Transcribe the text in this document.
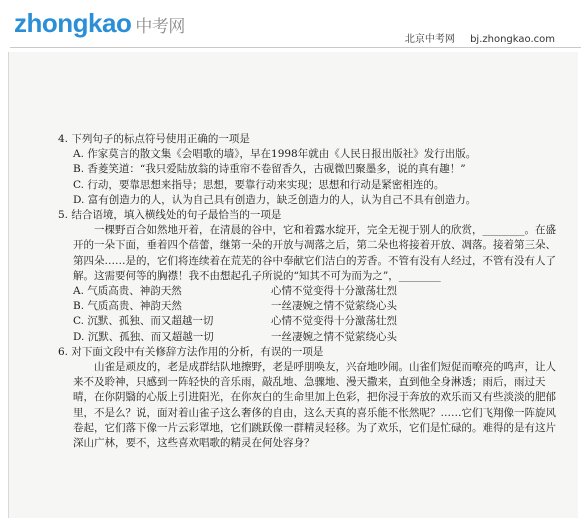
zhongkao 中考网
北京中考网 bj.zhongkao.com

4. 下列句子的标点符号使用正确的一项是

A. 作家莫言的散文集《会唱歌的墙》，早在1998年就由《人民日报出版社》发行出版。

B. 香菱笑道：“我只爱陆放翁的诗重帘不卷留香久，古砚微凹聚墨多，说的真有趣！”

C. 行动，要靠思想来指导；思想，要靠行动来实现；思想和行动是紧密相连的。

D. 富有创造力的人，认为自己具有创造力，缺乏创造力的人，认为自己不具有创造力。

5. 结合语境，填入横线处的句子最恰当的一项是

一棵野百合如然地开着，在清晨的谷中，它和着露水绽开，完全无视于别人的欣赏，________。在盛开的一朵下面，垂着四个蓓蕾，继第一朵的开放与凋落之后，第二朵也将接着开放、凋落。接着第三朵、第四朵……是的，它们将连续着在荒芜的谷中奉献它们洁白的芳香。不管有没有人经过，不管有没有人了解。这需要何等的胸襟！我不由想起孔子所说的“知其不可为而为之”，________

A. 气质高贵、神韵天然	心情不觉变得十分激荡壮烈
B. 气质高贵、神韵天然	一丝凄婉之情不觉萦绕心头
C. 沉默、孤独、而又超越一切	心情不觉变得十分激荡壮烈
D. 沉默、孤独、而又超越一切	一丝凄婉之情不觉萦绕心头

6. 对下面文段中有关修辞方法作用的分析，有误的一项是

山雀是顽皮的，老是成群结队地擦野，老是呼朋唤友，兴奋地吵闹。山雀们短促而嘹亮的鸣声，让人来不及聆神，只感到一阵轻快的音乐雨，敲乱地、急骤地、漫天撒来，直到他全身淋透；雨后，雨过天晴，在你阴翳的心版上引进阳光，在你灰白的生命里加上色彩，把你浸于奔放的欢乐而又有些淡淡的肥郁里，不是么？说，面对着山雀子这么奢侈的自由，这么天真的喜乐能不怅然呢？……它们飞翔像一阵旋风卷起，它们落下像一片云彩罩地，它们跳跃像一群精灵轻移。为了欢乐，它们是忙碌的。难得的是有这片深山广林，要不，这些喜欢唱歌的精灵在何处容身？
